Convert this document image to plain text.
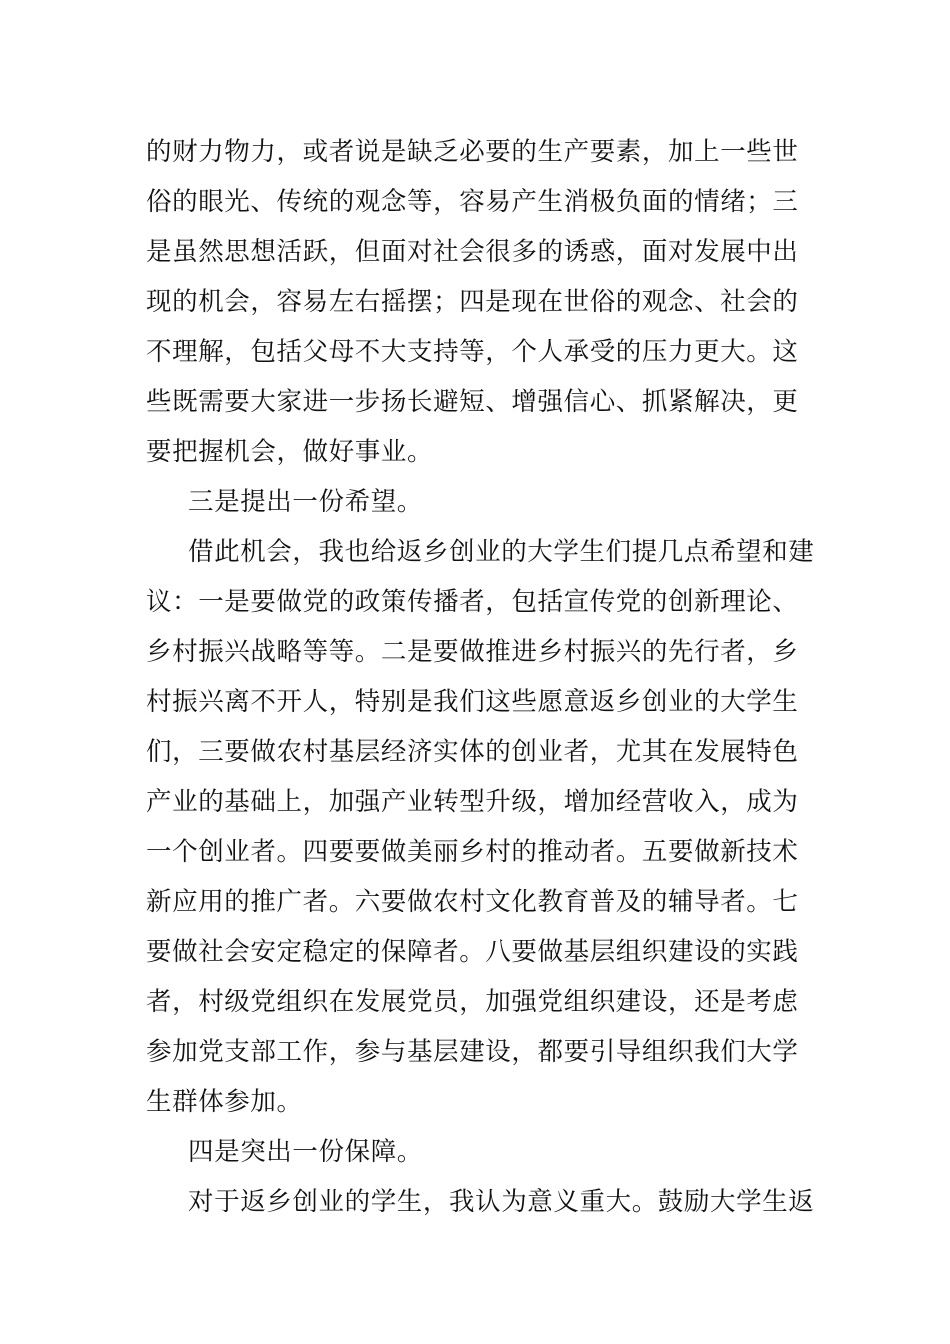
的财力物力，或者说是缺乏必要的生产要素，加上一些世
俗的眼光、传统的观念等，容易产生消极负面的情绪；三
是虽然思想活跃，但面对社会很多的诱惑，面对发展中出
现的机会，容易左右摇摆；四是现在世俗的观念、社会的
不理解，包括父母不大支持等，个人承受的压力更大。这
些既需要大家进一步扬长避短、增强信心、抓紧解决，更
要把握机会，做好事业。
三是提出一份希望。
借此机会，我也给返乡创业的大学生们提几点希望和建
议：一是要做党的政策传播者，包括宣传党的创新理论、
乡村振兴战略等等。二是要做推进乡村振兴的先行者，乡
村振兴离不开人，特别是我们这些愿意返乡创业的大学生
们，三要做农村基层经济实体的创业者，尤其在发展特色
产业的基础上，加强产业转型升级，增加经营收入，成为
一个创业者。四要要做美丽乡村的推动者。五要做新技术
新应用的推广者。六要做农村文化教育普及的辅导者。七
要做社会安定稳定的保障者。八要做基层组织建设的实践
者，村级党组织在发展党员，加强党组织建设，还是考虑
参加党支部工作，参与基层建设，都要引导组织我们大学
生群体参加。
四是突出一份保障。
对于返乡创业的学生，我认为意义重大。鼓励大学生返
